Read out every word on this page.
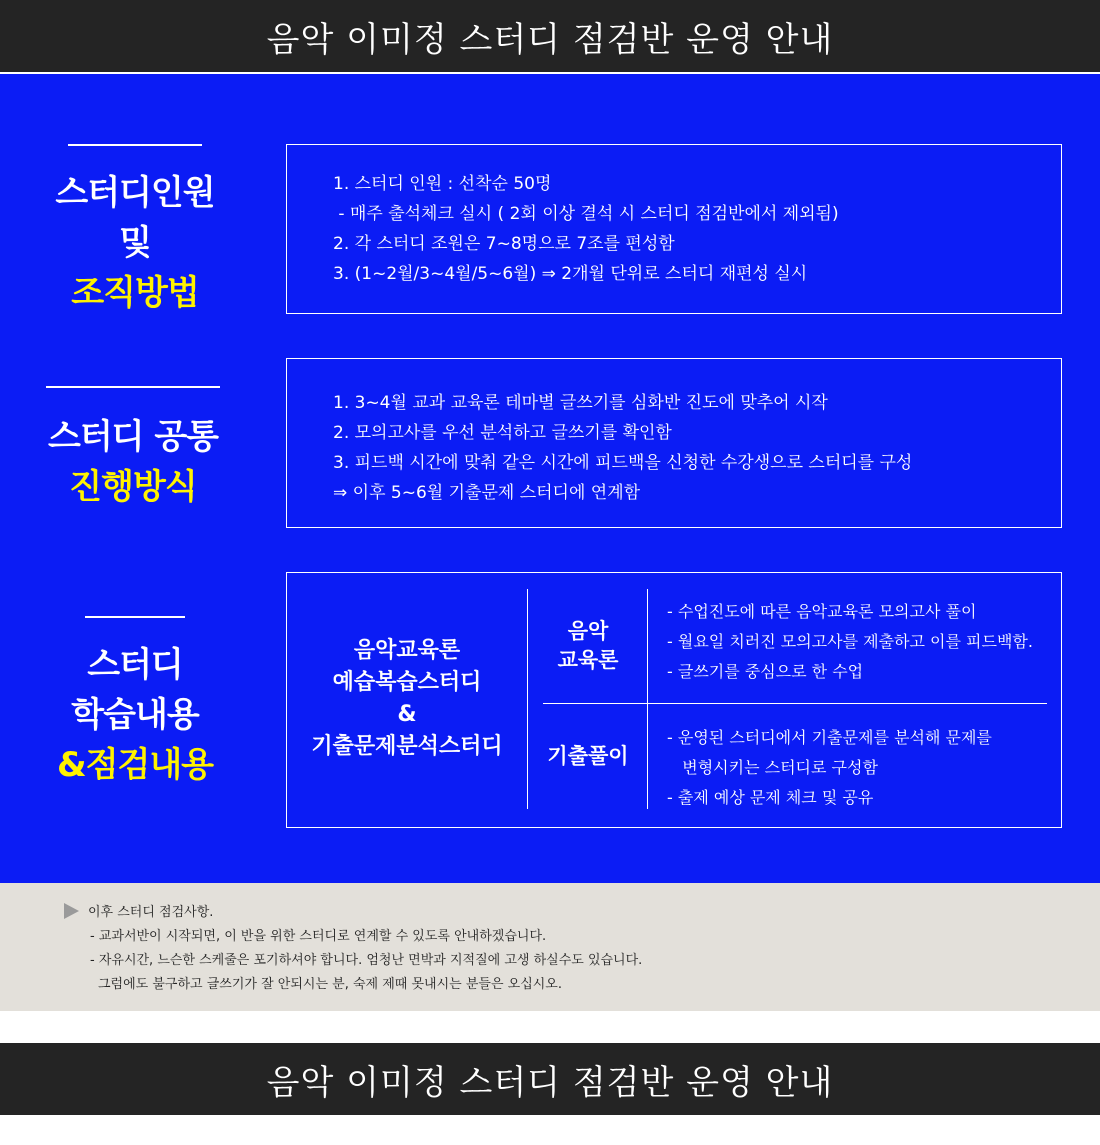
음악 이미정 스터디 점검반 운영 안내
스터디인원
및
조직방법
1. 스터디 인원 : 선착순 50명
- 매주 출석체크 실시 ( 2회 이상 결석 시 스터디 점검반에서 제외됨)
2. 각 스터디 조원은 7~8명으로 7조를 편성함
3. (1~2월/3~4월/5~6월) ⇒ 2개월 단위로 스터디 재편성 실시
스터디 공통
진행방식
1. 3~4월 교과 교육론 테마별 글쓰기를 심화반 진도에 맞추어 시작
2. 모의고사를 우선 분석하고 글쓰기를 확인함
3. 피드백 시간에 맞춰 같은 시간에 피드백을 신청한 수강생으로 스터디를 구성
⇒ 이후 5~6월 기출문제 스터디에 연계함
스터디
학습내용
&점검내용
음악교육론
예습복습스터디
&
기출문제분석스터디
음악
교육론
- 수업진도에 따른 음악교육론 모의고사 풀이
- 월요일 치러진 모의고사를 제출하고 이를 피드백함.
- 글쓰기를 중심으로 한 수업
기출풀이
- 운영된 스터디에서 기출문제를 분석해 문제를
변형시키는 스터디로 구성함
- 출제 예상 문제 체크 및 공유
이후 스터디 점검사항.
- 교과서반이 시작되면, 이 반을 위한 스터디로 연계할 수 있도록 안내하겠습니다.
- 자유시간, 느슨한 스케줄은 포기하셔야 합니다. 엄청난 면박과 지적질에 고생 하실수도 있습니다.
그럼에도 불구하고 글쓰기가 잘 안되시는 분, 숙제 제때 못내시는 분들은 오십시오.
음악 이미정 스터디 점검반 운영 안내
